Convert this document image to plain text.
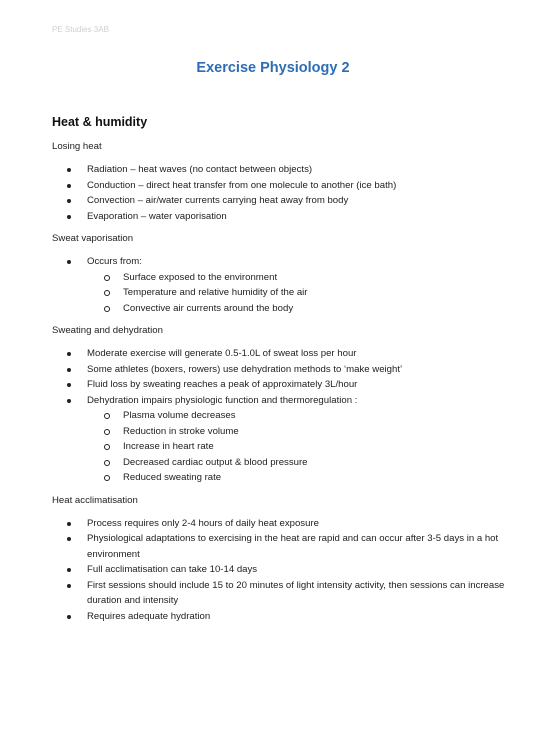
PE Studies 3AB
Exercise Physiology 2
Heat & humidity
Losing heat
Radiation – heat waves (no contact between objects)
Conduction – direct heat transfer from one molecule to another (ice bath)
Convection – air/water currents carrying heat away from body
Evaporation – water vaporisation
Sweat vaporisation
Occurs from:
Surface exposed to the environment
Temperature and relative humidity of the air
Convective air currents around the body
Sweating and dehydration
Moderate exercise will generate 0.5-1.0L of sweat loss per hour
Some athletes (boxers, rowers) use dehydration methods to ‘make weight’
Fluid loss by sweating reaches a peak of approximately 3L/hour
Dehydration impairs physiologic function and thermoregulation :
Plasma volume decreases
Reduction in stroke volume
Increase in heart rate
Decreased cardiac output & blood pressure
Reduced sweating rate
Heat acclimatisation
Process requires only 2-4 hours of daily heat exposure
Physiological adaptations to exercising in the heat are rapid and can occur after 3-5 days in a hot environment
Full acclimatisation can take 10-14 days
First sessions should include 15 to 20 minutes of light intensity activity, then sessions can increase duration and intensity
Requires adequate hydration
